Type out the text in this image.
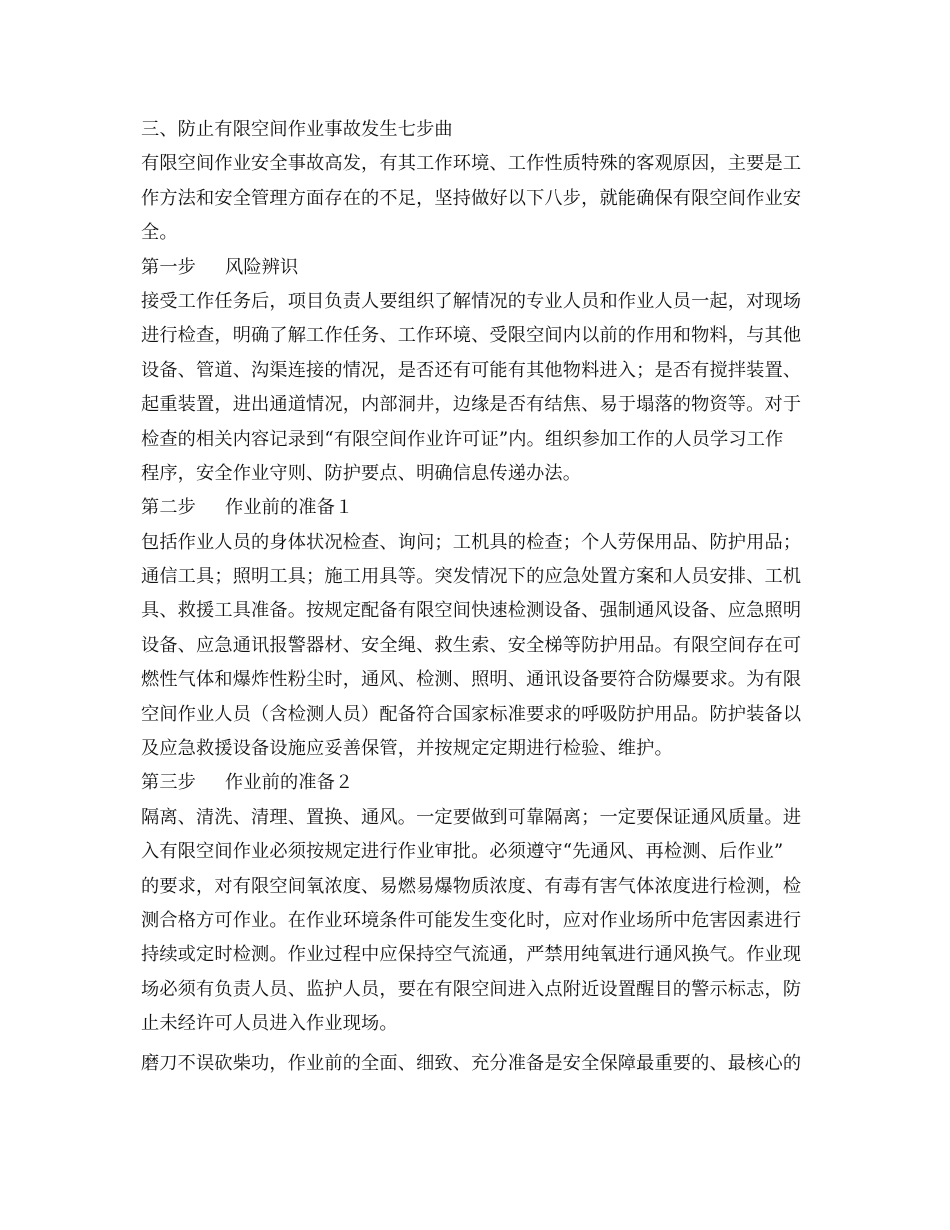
三、防止有限空间作业事故发生七步曲
有限空间作业安全事故高发，有其工作环境、工作性质特殊的客观原因，主要是工
作方法和安全管理方面存在的不足，坚持做好以下八步，就能确保有限空间作业安
全。
第一步 风险辨识
接受工作任务后，项目负责人要组织了解情况的专业人员和作业人员一起，对现场
进行检查，明确了解工作任务、工作环境、受限空间内以前的作用和物料，与其他
设备、管道、沟渠连接的情况，是否还有可能有其他物料进入；是否有搅拌装置、
起重装置，进出通道情况，内部洞井，边缘是否有结焦、易于塌落的物资等。对于
检查的相关内容记录到“有限空间作业许可证”内。组织参加工作的人员学习工作
程序，安全作业守则、防护要点、明确信息传递办法。
第二步 作业前的准备１
包括作业人员的身体状况检查、询问；工机具的检查；个人劳保用品、防护用品；
通信工具；照明工具；施工用具等。突发情况下的应急处置方案和人员安排、工机
具、救援工具准备。按规定配备有限空间快速检测设备、强制通风设备、应急照明
设备、应急通讯报警器材、安全绳、救生索、安全梯等防护用品。有限空间存在可
燃性气体和爆炸性粉尘时，通风、检测、照明、通讯设备要符合防爆要求。为有限
空间作业人员（含检测人员）配备符合国家标准要求的呼吸防护用品。防护装备以
及应急救援设备设施应妥善保管，并按规定定期进行检验、维护。
第三步 作业前的准备２
隔离、清洗、清理、置换、通风。一定要做到可靠隔离；一定要保证通风质量。进
入有限空间作业必须按规定进行作业审批。必须遵守“先通风、再检测、后作业”
的要求，对有限空间氧浓度、易燃易爆物质浓度、有毒有害气体浓度进行检测，检
测合格方可作业。在作业环境条件可能发生变化时，应对作业场所中危害因素进行
持续或定时检测。作业过程中应保持空气流通，严禁用纯氧进行通风换气。作业现
场必须有负责人员、监护人员，要在有限空间进入点附近设置醒目的警示标志，防
止未经许可人员进入作业现场。
磨刀不误砍柴功，作业前的全面、细致、充分准备是安全保障最重要的、最核心的
